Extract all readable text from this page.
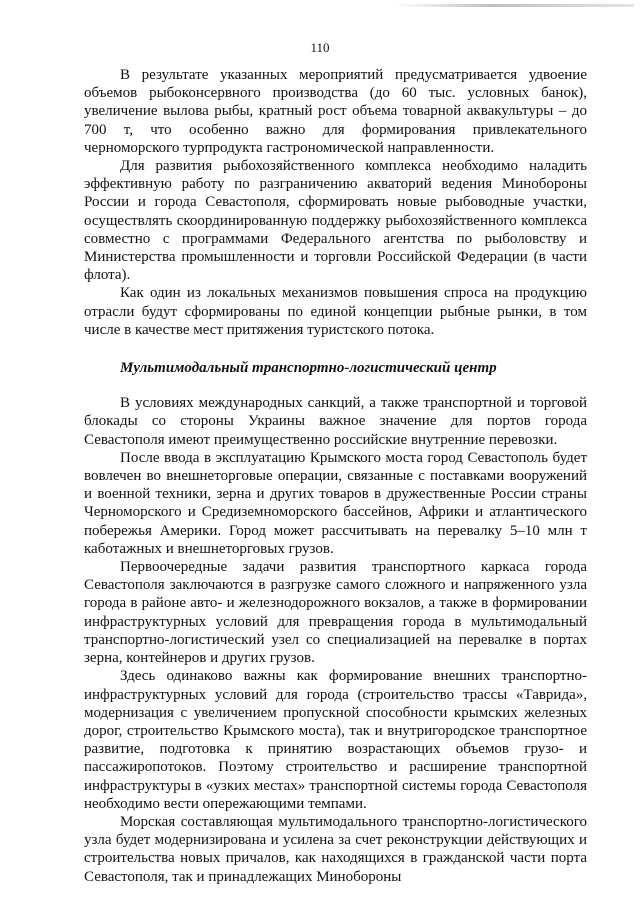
110

В результате указанных мероприятий предусматривается удвоение объемов рыбоконсервного производства (до 60 тыс. условных банок), увеличение вылова рыбы, кратный рост объема товарной аквакультуры – до 700 т, что особенно важно для формирования привлекательного черноморского турпродукта гастрономической направленности.

Для развития рыбохозяйственного комплекса необходимо наладить эффективную работу по разграничению акваторий ведения Минобороны России и города Севастополя, сформировать новые рыбоводные участки, осуществлять скоординированную поддержку рыбохозяйственного комплекса совместно с программами Федерального агентства по рыболовству и Министерства промышленности и торговли Российской Федерации (в части флота).

Как один из локальных механизмов повышения спроса на продукцию отрасли будут сформированы по единой концепции рыбные рынки, в том числе в качестве мест притяжения туристского потока.

Мультимодальный транспортно-логистический центр

В условиях международных санкций, а также транспортной и торговой блокады со стороны Украины важное значение для портов города Севастополя имеют преимущественно российские внутренние перевозки.

После ввода в эксплуатацию Крымского моста город Севастополь будет вовлечен во внешнеторговые операции, связанные с поставками вооружений и военной техники, зерна и других товаров в дружественные России страны Черноморского и Средиземноморского бассейнов, Африки и атлантического побережья Америки. Город может рассчитывать на перевалку 5–10 млн т каботажных и внешнеторговых грузов.

Первоочередные задачи развития транспортного каркаса города Севастополя заключаются в разгрузке самого сложного и напряженного узла города в районе авто- и железнодорожного вокзалов, а также в формировании инфраструктурных условий для превращения города в мультимодальный транспортно-логистический узел со специализацией на перевалке в портах зерна, контейнеров и других грузов.

Здесь одинаково важны как формирование внешних транспортно-инфраструктурных условий для города (строительство трассы «Таврида», модернизация с увеличением пропускной способности крымских железных дорог, строительство Крымского моста), так и внутригородское транспортное развитие, подготовка к принятию возрастающих объемов грузо- и пассажиропотоков. Поэтому строительство и расширение транспортной инфраструктуры в «узких местах» транспортной системы города Севастополя необходимо вести опережающими темпами.

Морская составляющая мультимодального транспортно-логистического узла будет модернизирована и усилена за счет реконструкции действующих и строительства новых причалов, как находящихся в гражданской части порта Севастополя, так и принадлежащих Минобороны
